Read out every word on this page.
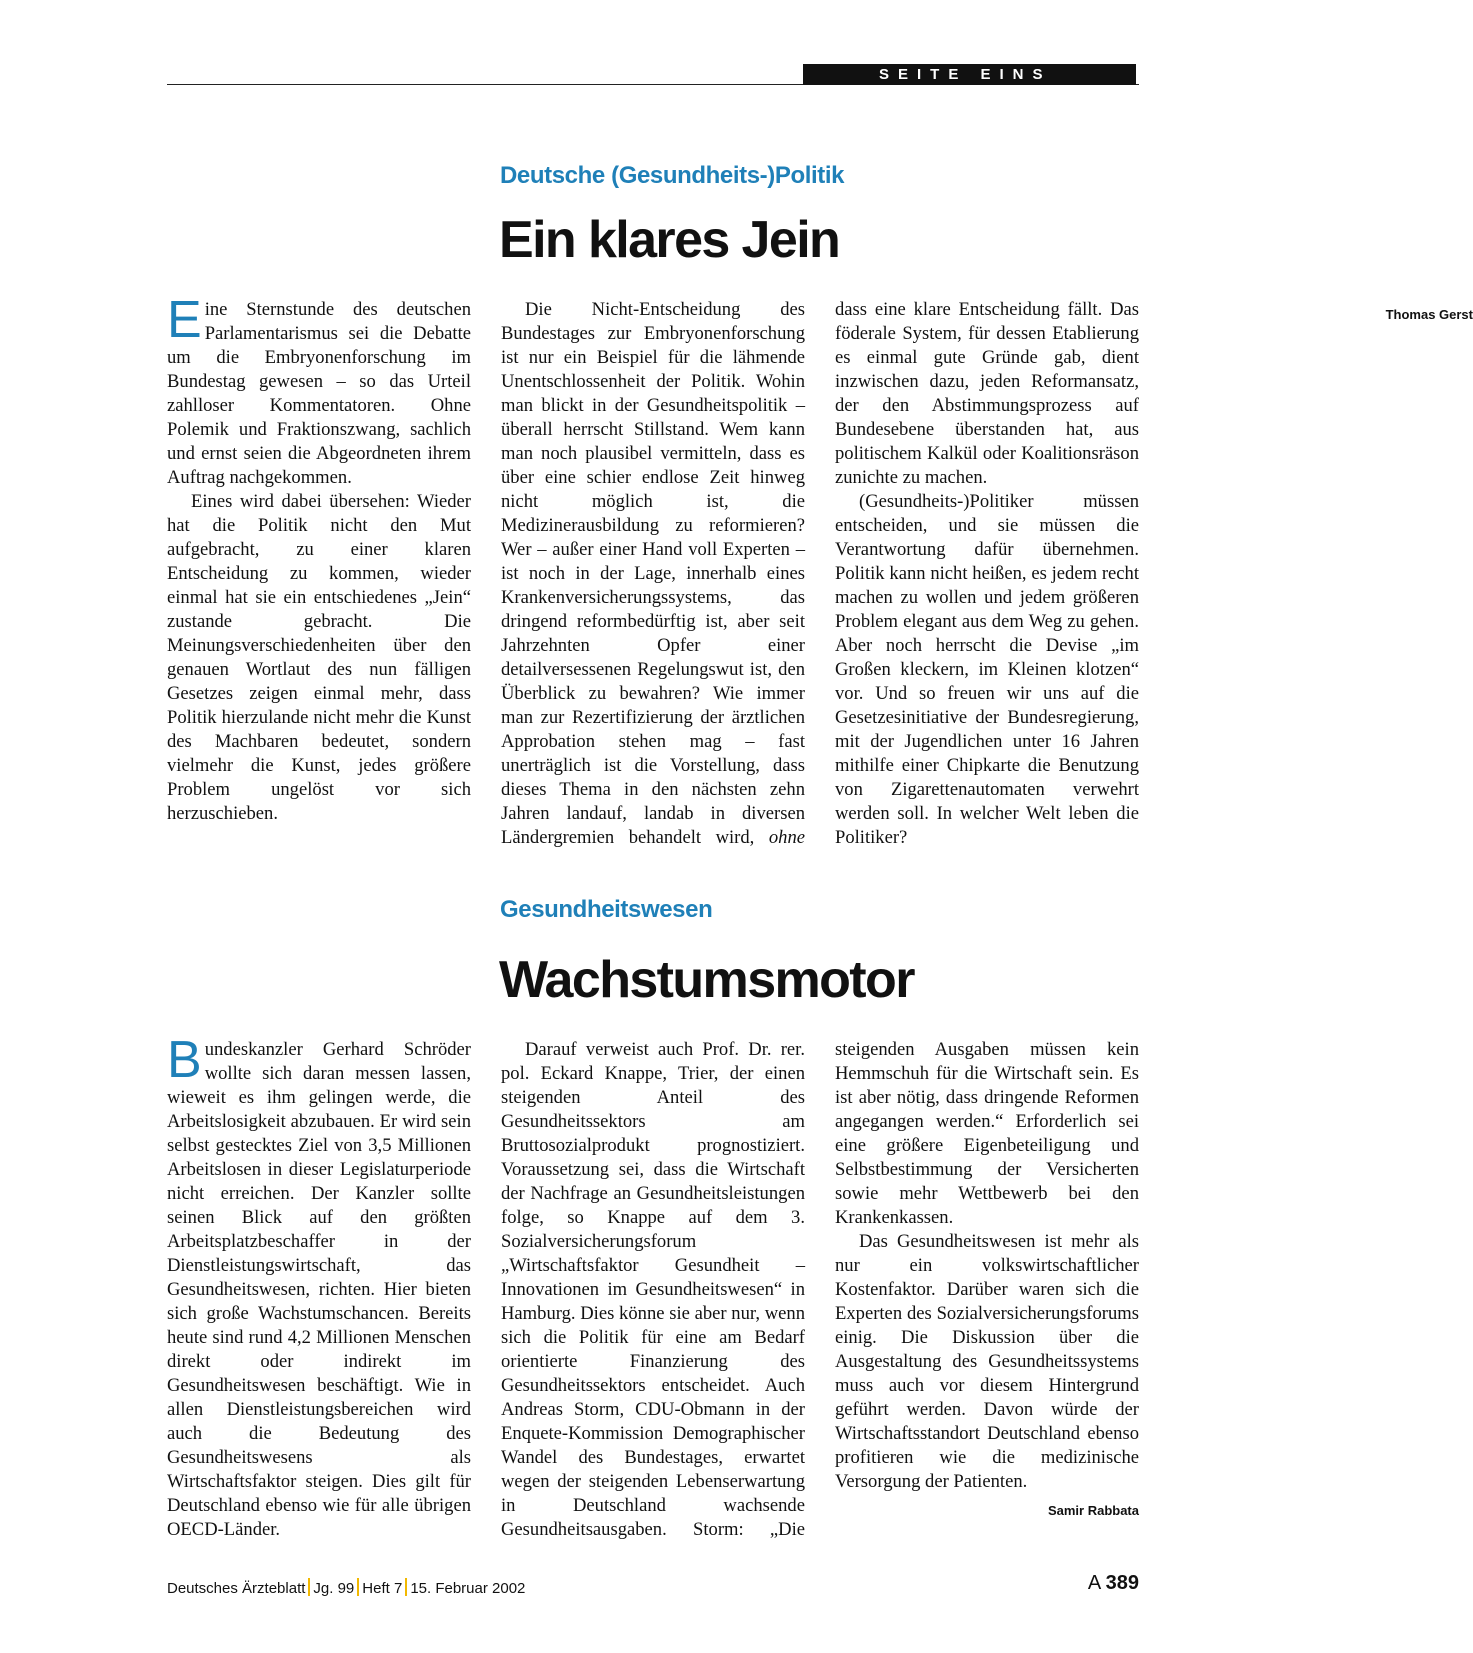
SEITE EINS
Deutsche (Gesundheits-)Politik
Ein klares Jein

Eine Sternstunde des deutschen Parlamentarismus sei die Debatte um die Embryonenforschung im Bundestag gewesen – so das Urteil zahlloser Kommentatoren. Ohne Polemik und Fraktionszwang, sachlich und ernst seien die Abgeordneten ihrem Auftrag nachgekommen.

Eines wird dabei übersehen: Wieder hat die Politik nicht den Mut aufgebracht, zu einer klaren Entscheidung zu kommen, wieder einmal hat sie ein entschiedenes „Jein“ zustande gebracht. Die Meinungsverschiedenheiten über den genauen Wortlaut des nun fälligen Gesetzes zeigen einmal mehr, dass Politik hierzulande nicht mehr die Kunst des Machbaren bedeutet, sondern vielmehr die Kunst, jedes größere Problem ungelöst vor sich herzuschieben.

Die Nicht-Entscheidung des Bundestages zur Embryonenforschung ist nur ein Beispiel für die lähmende Unentschlossenheit der Politik. Wohin man blickt in der Gesundheitspolitik – überall herrscht Stillstand. Wem kann man noch plausibel vermitteln, dass es über eine schier endlose Zeit hinweg nicht möglich ist, die Medizinerausbildung zu reformieren? Wer – außer einer Hand voll Experten – ist noch in der Lage, innerhalb eines Krankenversicherungssystems, das dringend reformbedürftig ist, aber seit Jahrzehnten Opfer einer detailversessenen Regelungswut ist, den Überblick zu bewahren? Wie immer man zur Rezertifizierung der ärztlichen Approbation stehen mag – fast unerträglich ist die Vorstellung, dass dieses Thema in den nächsten zehn Jahren landauf, landab in diversen Ländergremien behandelt wird, ohne dass eine klare Entscheidung fällt. Das föderale System, für dessen Etablierung es einmal gute Gründe gab, dient inzwischen dazu, jeden Reformansatz, der den Abstimmungsprozess auf Bundesebene überstanden hat, aus politischem Kalkül oder Koalitionsräson zunichte zu machen.

(Gesundheits-)Politiker müssen entscheiden, und sie müssen die Verantwortung dafür übernehmen. Politik kann nicht heißen, es jedem recht machen zu wollen und jedem größeren Problem elegant aus dem Weg zu gehen. Aber noch herrscht die Devise „im Großen kleckern, im Kleinen klotzen“ vor. Und so freuen wir uns auf die Gesetzesinitiative der Bundesregierung, mit der Jugendlichen unter 16 Jahren mithilfe einer Chipkarte die Benutzung von Zigarettenautomaten verwehrt werden soll. In welcher Welt leben die Politiker?
Thomas Gerst

Gesundheitswesen
Wachstumsmotor

Bundeskanzler Gerhard Schröder wollte sich daran messen lassen, wieweit es ihm gelingen werde, die Arbeitslosigkeit abzubauen. Er wird sein selbst gestecktes Ziel von 3,5 Millionen Arbeitslosen in dieser Legislaturperiode nicht erreichen. Der Kanzler sollte seinen Blick auf den größten Arbeitsplatzbeschaffer in der Dienstleistungswirtschaft, das Gesundheitswesen, richten. Hier bieten sich große Wachstumschancen. Bereits heute sind rund 4,2 Millionen Menschen direkt oder indirekt im Gesundheitswesen beschäftigt. Wie in allen Dienstleistungsbereichen wird auch die Bedeutung des Gesundheitswesens als Wirtschaftsfaktor steigen. Dies gilt für Deutschland ebenso wie für alle übrigen OECD-Länder.

Darauf verweist auch Prof. Dr. rer. pol. Eckard Knappe, Trier, der einen steigenden Anteil des Gesundheitssektors am Bruttosozialprodukt prognostiziert. Voraussetzung sei, dass die Wirtschaft der Nachfrage an Gesundheitsleistungen folge, so Knappe auf dem 3. Sozialversicherungsforum „Wirtschaftsfaktor Gesundheit – Innovationen im Gesundheitswesen“ in Hamburg. Dies könne sie aber nur, wenn sich die Politik für eine am Bedarf orientierte Finanzierung des Gesundheitssektors entscheidet. Auch Andreas Storm, CDU-Obmann in der Enquete-Kommission Demographischer Wandel des Bundestages, erwartet wegen der steigenden Lebenserwartung in Deutschland wachsende Gesundheitsausgaben. Storm: „Die steigenden Ausgaben müssen kein Hemmschuh für die Wirtschaft sein. Es ist aber nötig, dass dringende Reformen angegangen werden.“ Erforderlich sei eine größere Eigenbeteiligung und Selbstbestimmung der Versicherten sowie mehr Wettbewerb bei den Krankenkassen.

Das Gesundheitswesen ist mehr als nur ein volkswirtschaftlicher Kostenfaktor. Darüber waren sich die Experten des Sozialversicherungsforums einig. Die Diskussion über die Ausgestaltung des Gesundheitssystems muss auch vor diesem Hintergrund geführt werden. Davon würde der Wirtschaftsstandort Deutschland ebenso profitieren wie die medizinische Versorgung der Patienten.
Samir Rabbata

Deutsches Ärzteblatt Jg. 99 Heft 7 15. Februar 2002	A 389
